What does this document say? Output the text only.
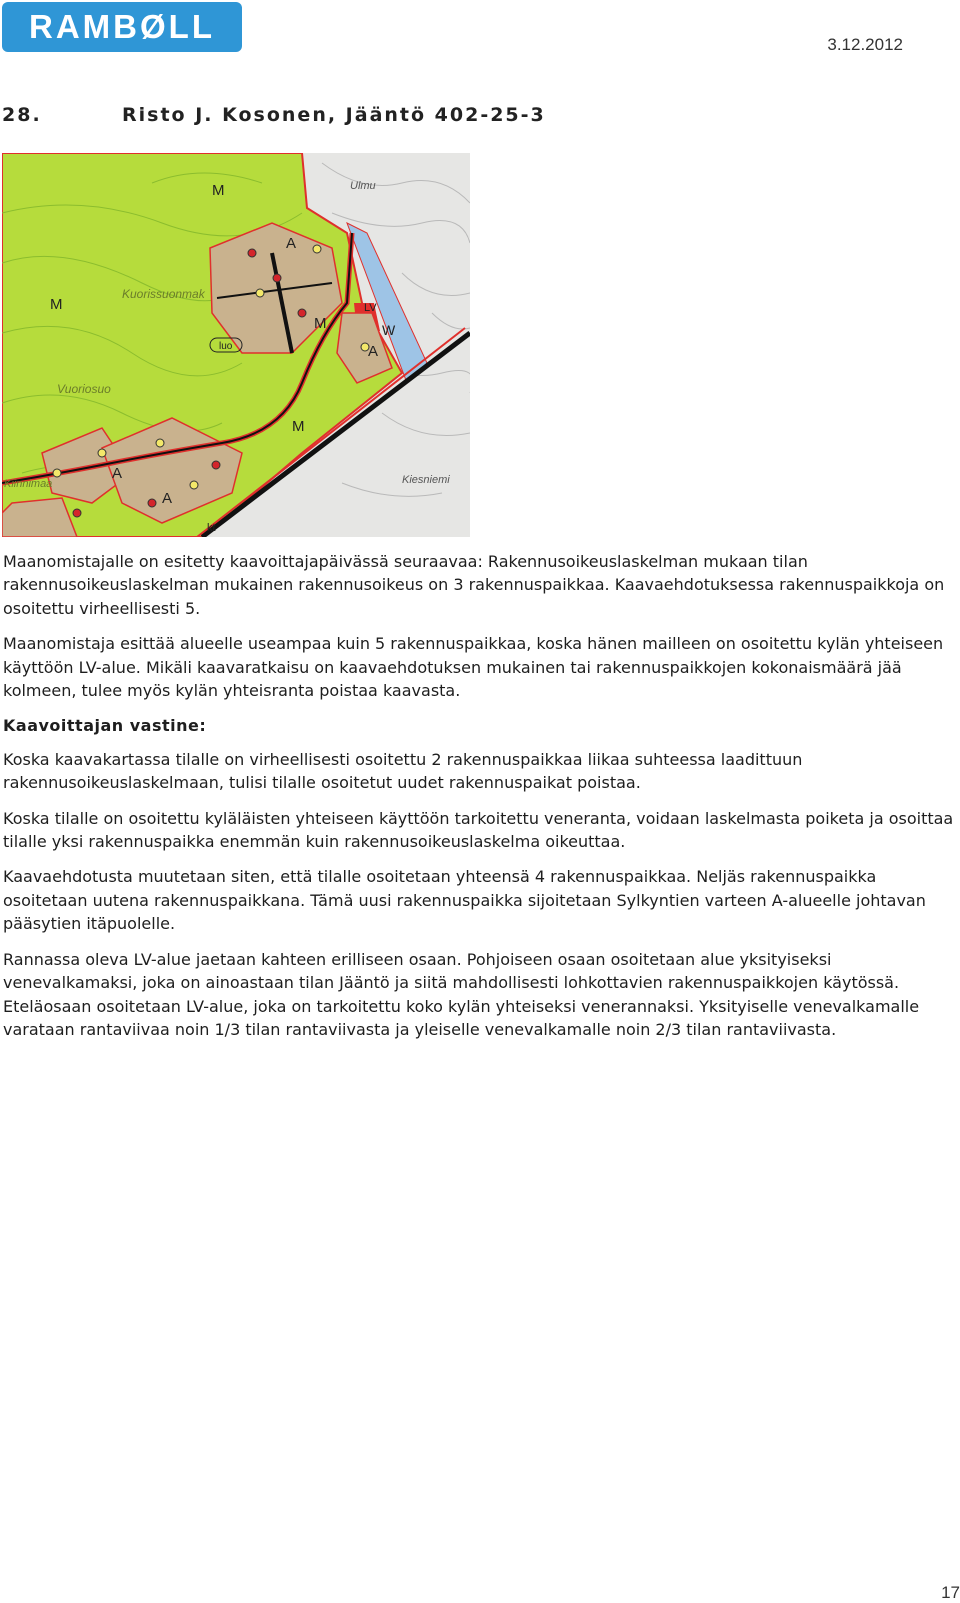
RAMBØLL	3.12.2012
28.	Risto J. Kosonen, Jääntö 402-25-3
A
A
A
A
M
M
M
M
W
LV
luo
Kuorissuonmak
Vuoriosuo
Ulmu
Kiinnimaa	Kiesniemi
kt

Maanomistajalle on esitetty kaavoittajapäivässä seuraavaa: Rakennusoikeuslaskelman mukaan tilan rakennusoikeuslaskelman mukainen rakennusoikeus on 3 rakennuspaikkaa. Kaavaehdotuksessa rakennuspaikkoja on osoitettu virheellisesti 5.

Maanomistaja esittää alueelle useampaa kuin 5 rakennuspaikkaa, koska hänen mailleen on osoitettu kylän yhteiseen käyttöön LV-alue. Mikäli kaavaratkaisu on kaavaehdotuksen mukainen tai rakennuspaikkojen kokonaismäärä jää kolmeen, tulee myös kylän yhteisranta poistaa kaavasta.

Kaavoittajan vastine:

Koska kaavakartassa tilalle on virheellisesti osoitettu 2 rakennuspaikkaa liikaa suhteessa laadittuun rakennusoikeuslaskelmaan, tulisi tilalle osoitetut uudet rakennuspaikat poistaa.

Koska tilalle on osoitettu kyläläisten yhteiseen käyttöön tarkoitettu veneranta, voidaan laskelmasta poiketa ja osoittaa tilalle yksi rakennuspaikka enemmän kuin rakennusoikeuslaskelma oikeuttaa.

Kaavaehdotusta muutetaan siten, että tilalle osoitetaan yhteensä 4 rakennuspaikkaa. Neljäs rakennuspaikka osoitetaan uutena rakennuspaikkana. Tämä uusi rakennuspaikka sijoitetaan Sylkyntien varteen A-alueelle johtavan pääsytien itäpuolelle.

Rannassa oleva LV-alue jaetaan kahteen erilliseen osaan. Pohjoiseen osaan osoitetaan alue yksityiseksi venevalkamaksi, joka on ainoastaan tilan Jääntö ja siitä mahdollisesti lohkottavien rakennuspaikkojen käytössä. Eteläosaan osoitetaan LV-alue, joka on tarkoitettu koko kylän yhteiseksi venerannaksi. Yksityiselle venevalkamalle varataan rantaviivaa noin 1/3 tilan rantaviivasta ja yleiselle venevalkamalle noin 2/3 tilan rantaviivasta.

17
